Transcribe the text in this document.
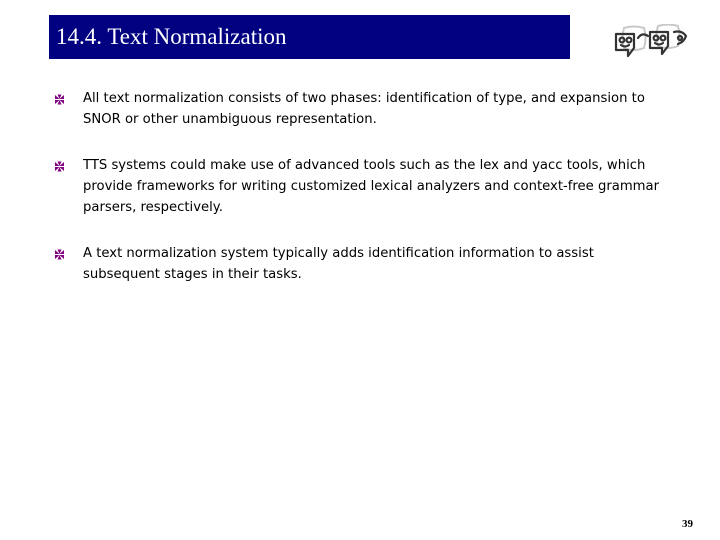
14.4. Text Normalization
All text normalization consists of two phases: identification of type, and expansion to SNOR or other unambiguous representation.
TTS systems could make use of advanced tools such as the lex and yacc tools, which provide frameworks for writing customized lexical analyzers and context-free grammar parsers, respectively.
A text normalization system typically adds identification information to assist subsequent stages in their tasks.
39
